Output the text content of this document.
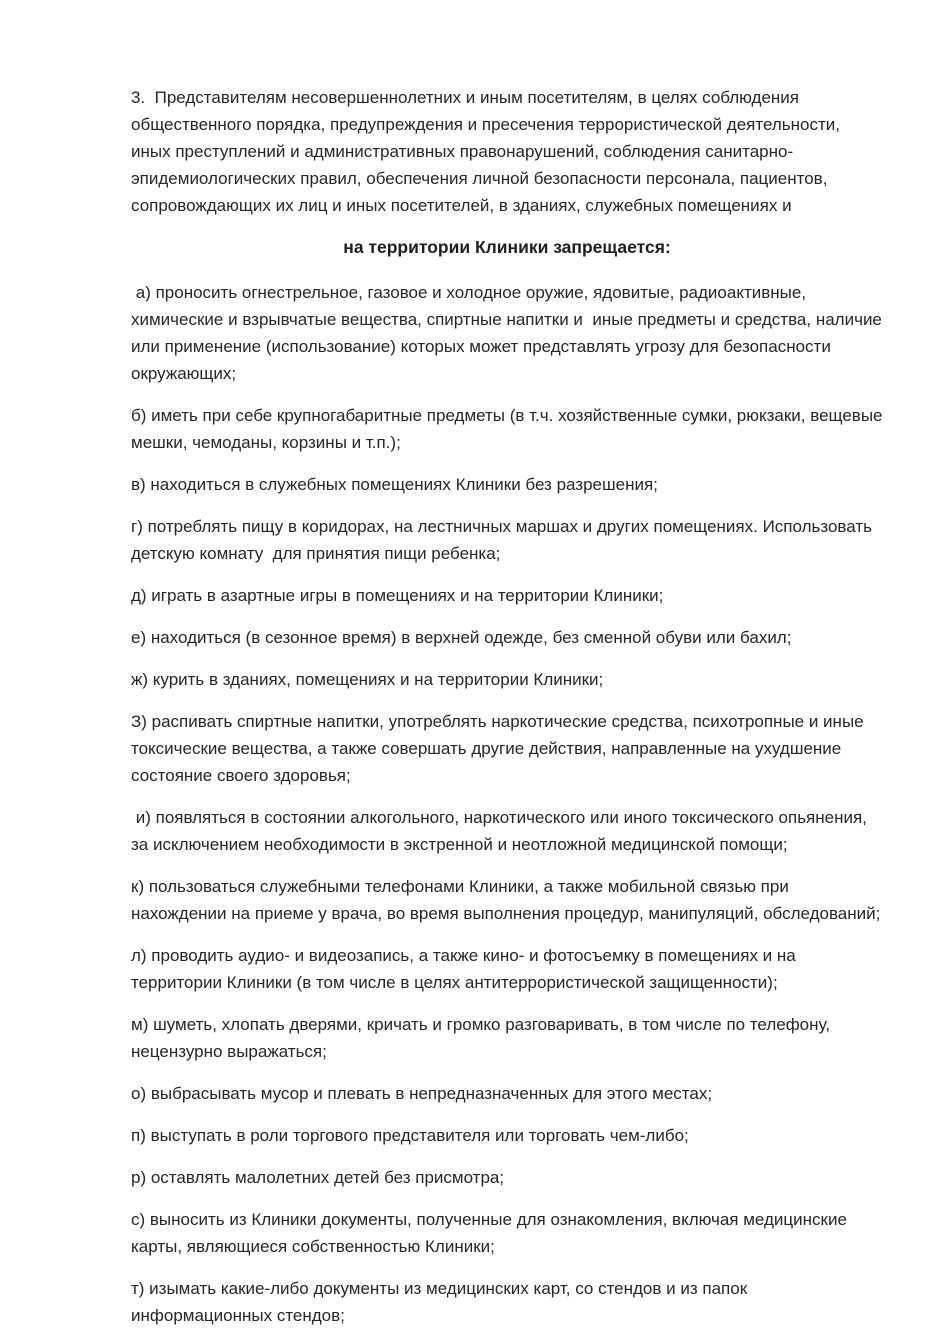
3.  Представителям несовершеннолетних и иным посетителям, в целях соблюдения общественного порядка, предупреждения и пресечения террористической деятельности, иных преступлений и административных правонарушений, соблюдения санитарно-эпидемиологических правил, обеспечения личной безопасности персонала, пациентов, сопровождающих их лиц и иных посетителей, в зданиях, служебных помещениях и

на территории Клиники запрещается:

а) проносить огнестрельное, газовое и холодное оружие, ядовитые, радиоактивные, химические и взрывчатые вещества, спиртные напитки и  иные предметы и средства, наличие или применение (использование) которых может представлять угрозу для безопасности окружающих;

б) иметь при себе крупногабаритные предметы (в т.ч. хозяйственные сумки, рюкзаки, вещевые мешки, чемоданы, корзины и т.п.);

в) находиться в служебных помещениях Клиники без разрешения;

г) потреблять пищу в коридорах, на лестничных маршах и других помещениях. Использовать детскую комнату  для принятия пищи ребенка;

д) играть в азартные игры в помещениях и на территории Клиники;

е) находиться (в сезонное время) в верхней одежде, без сменной обуви или бахил;

ж) курить в зданиях, помещениях и на территории Клиники;

З) распивать спиртные напитки, употреблять наркотические средства, психотропные и иные токсические вещества, а также совершать другие действия, направленные на ухудшение состояние своего здоровья;

и) появляться в состоянии алкогольного, наркотического или иного токсического опьянения, за исключением необходимости в экстренной и неотложной медицинской помощи;

к) пользоваться служебными телефонами Клиники, а также мобильной связью при нахождении на приеме у врача, во время выполнения процедур, манипуляций, обследований;

л) проводить аудио- и видеозапись, а также кино- и фотосъемку в помещениях и на территории Клиники (в том числе в целях антитеррористической защищенности);

м) шуметь, хлопать дверями, кричать и громко разговаривать, в том числе по телефону, нецензурно выражаться;

о) выбрасывать мусор и плевать в непредназначенных для этого местах;

п) выступать в роли торгового представителя или торговать чем-либо;

р) оставлять малолетних детей без присмотра;

с) выносить из Клиники документы, полученные для ознакомления, включая медицинские карты, являющиеся собственностью Клиники;

т) изымать какие-либо документы из медицинских карт, со стендов и из папок информационных стендов;
